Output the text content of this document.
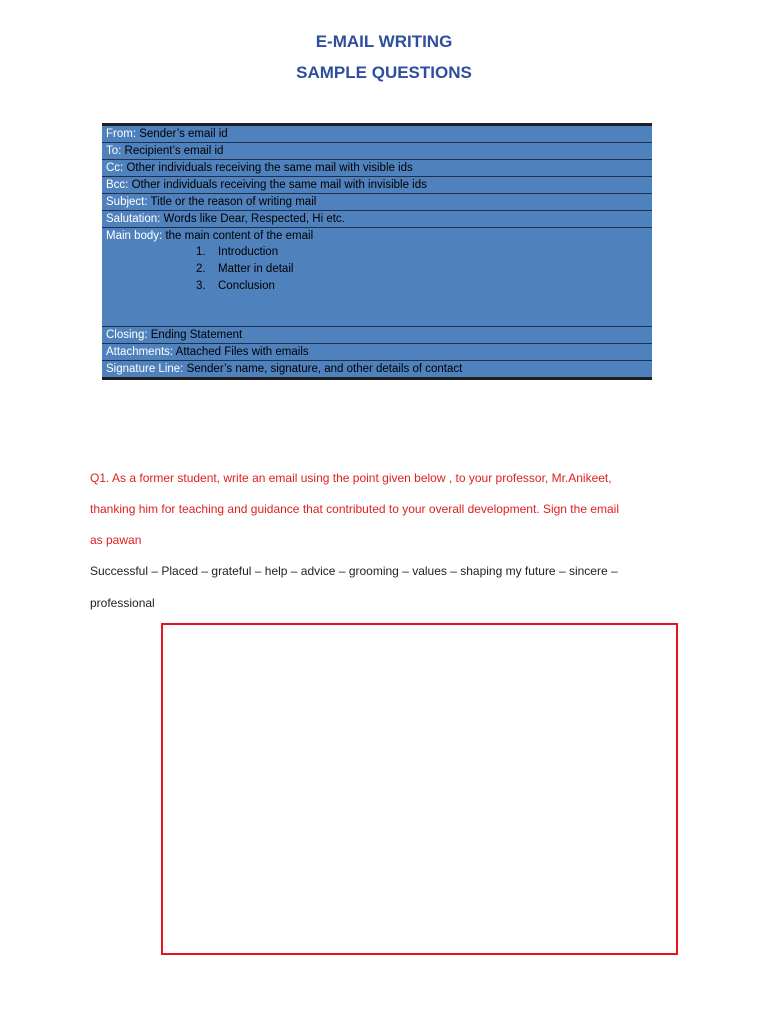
E-MAIL WRITING
SAMPLE QUESTIONS
From: Sender’s email id
To: Recipient’s email id
Cc: Other individuals receiving the same mail with visible ids
Bcc: Other individuals receiving the same mail with invisible ids
Subject: Title or the reason of writing mail
Salutation: Words like Dear, Respected, Hi etc.
Main body: the main content of the email
1. Introduction
2. Matter in detail
3. Conclusion
Closing: Ending Statement
Attachments: Attached Files with emails
Signature Line: Sender’s name, signature, and other details of contact
Q1. As a former student, write an email using the point given below , to your professor, Mr.Anikeet,
thanking him for teaching and guidance that contributed to your overall development. Sign the email
as pawan
Successful – Placed – grateful – help – advice – grooming – values – shaping my future – sincere –
professional
